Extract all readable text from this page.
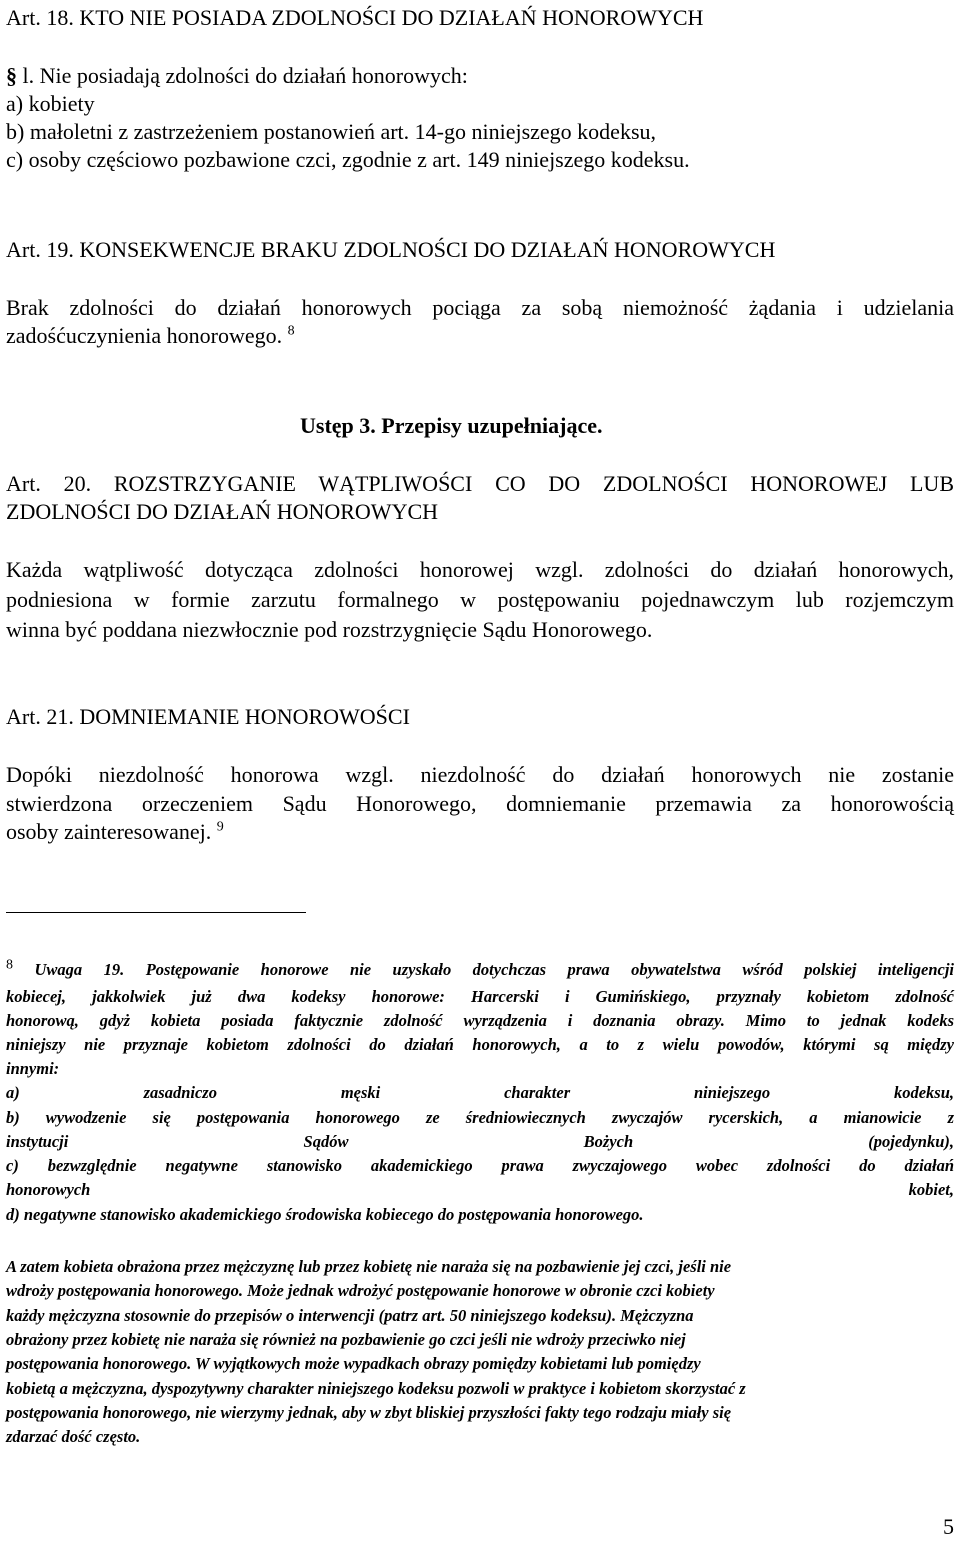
Art. 18. KTO NIE POSIADA ZDOLNOŚCI DO DZIAŁAŃ HONOROWYCH
§ l. Nie posiadają zdolności do działań honorowych:
a) kobiety
b) małoletni z zastrzeżeniem postanowień art. 14-go niniejszego kodeksu,
c) osoby częściowo pozbawione czci, zgodnie z art. 149 niniejszego kodeksu.
Art. 19. KONSEKWENCJE BRAKU ZDOLNOŚCI DO DZIAŁAŃ HONOROWYCH
Brak zdolności do działań honorowych pociąga za sobą niemożność żądania i udzielania
zadośćuczynienia honorowego. $^8$
Ustęp 3. Przepisy uzupełniające.
Art. 20. ROZSTRZYGANIE WĄTPLIWOŚCI CO DO ZDOLNOŚCI HONOROWEJ LUB
ZDOLNOŚCI DO DZIAŁAŃ HONOROWYCH
Każda wątpliwość dotycząca zdolności honorowej wzgl. zdolności do działań honorowych,
podniesiona w formie zarzutu formalnego w postępowaniu pojednawczym lub rozjemczym
winna być poddana niezwłocznie pod rozstrzygnięcie Sądu Honorowego.
Art. 21. DOMNIEMANIE HONOROWOŚCI
Dopóki niezdolność honorowa wzgl. niezdolność do działań honorowych nie zostanie
stwierdzona orzeczeniem Sądu Honorowego, domniemanie przemawia za honorowością
osoby zainteresowanej. $^9$
$^8$ Uwaga 19. Postępowanie honorowe nie uzyskało dotychczas prawa obywatelstwa wśród polskiej inteligencji
kobiecej, jakkolwiek już dwa kodeksy honorowe: Harcerski i Gumińskiego, przyznały kobietom zdolność
honorową, gdyż kobieta posiada faktycznie zdolność wyrządzenia i doznania obrazy. Mimo to jednak kodeks
niniejszy nie przyznaje kobietom zdolności do działań honorowych, a to z wielu powodów, którymi są między
innymi:
a) zasadniczo męski charakter niniejszego kodeksu,
b) wywodzenie się postępowania honorowego ze średniowiecznych zwyczajów rycerskich, a mianowicie z
instytucji Sądów Bożych (pojedynku),
c) bezwzględnie negatywne stanowisko akademickiego prawa zwyczajowego wobec zdolności do działań
honorowych kobiet,
d) negatywne stanowisko akademickiego środowiska kobiecego do postępowania honorowego.
A zatem kobieta obrażona przez mężczyznę lub przez kobietę nie naraża się na pozbawienie jej czci, jeśli nie
wdroży postępowania honorowego. Może jednak wdrożyć postępowanie honorowe w obronie czci kobiety
każdy mężczyzna stosownie do przepisów o interwencji (patrz art. 50 niniejszego kodeksu). Mężczyzna
obrażony przez kobietę nie naraża się również na pozbawienie go czci jeśli nie wdroży przeciwko niej
postępowania honorowego. W wyjątkowych może wypadkach obrazy pomiędzy kobietami lub pomiędzy
kobietą a mężczyzna, dyspozytywny charakter niniejszego kodeksu pozwoli w praktyce i kobietom skorzystać z
postępowania honorowego, nie wierzymy jednak, aby w zbyt bliskiej przyszłości fakty tego rodzaju miały się
zdarzać dość często.
5
